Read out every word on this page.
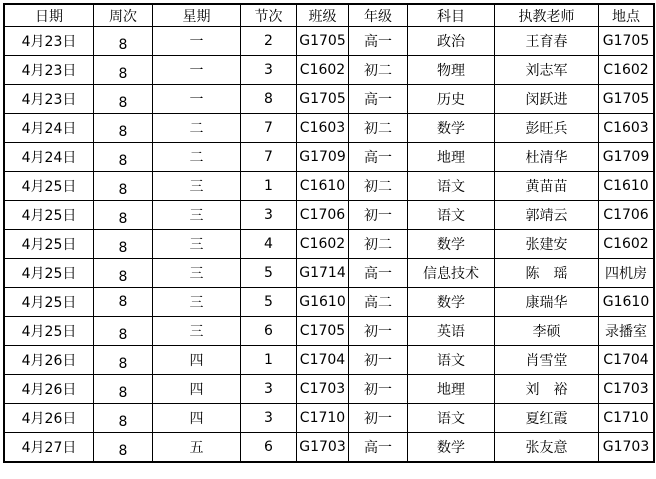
日期	周次	星期	节次	班级	年级	科目	执教老师	地点
4月23日	8	一	2	G1705	高一	政治	王育春	G1705
4月23日	8	一	3	C1602	初二	物理	刘志军	C1602
4月23日	8	一	8	G1705	高一	历史	闵跃进	G1705
4月24日	8	二	7	C1603	初二	数学	彭旺兵	C1603
4月24日	8	二	7	G1709	高一	地理	杜清华	G1709
4月25日	8	三	1	C1610	初二	语文	黄苗苗	C1610
4月25日	8	三	3	C1706	初一	语文	郭靖云	C1706
4月25日	8	三	4	C1602	初二	数学	张建安	C1602
4月25日	8	三	5	G1714	高一	信息技术	陈　瑶	四机房
4月25日	8	三	5	G1610	高二	数学	康瑞华	G1610
4月25日	8	三	6	C1705	初一	英语	李硕	录播室
4月26日	8	四	1	C1704	初一	语文	肖雪堂	C1704
4月26日	8	四	3	C1703	初一	地理	刘　裕	C1703
4月26日	8	四	3	C1710	初一	语文	夏红霞	C1710
4月27日	8	五	6	G1703	高一	数学	张友意	G1703
